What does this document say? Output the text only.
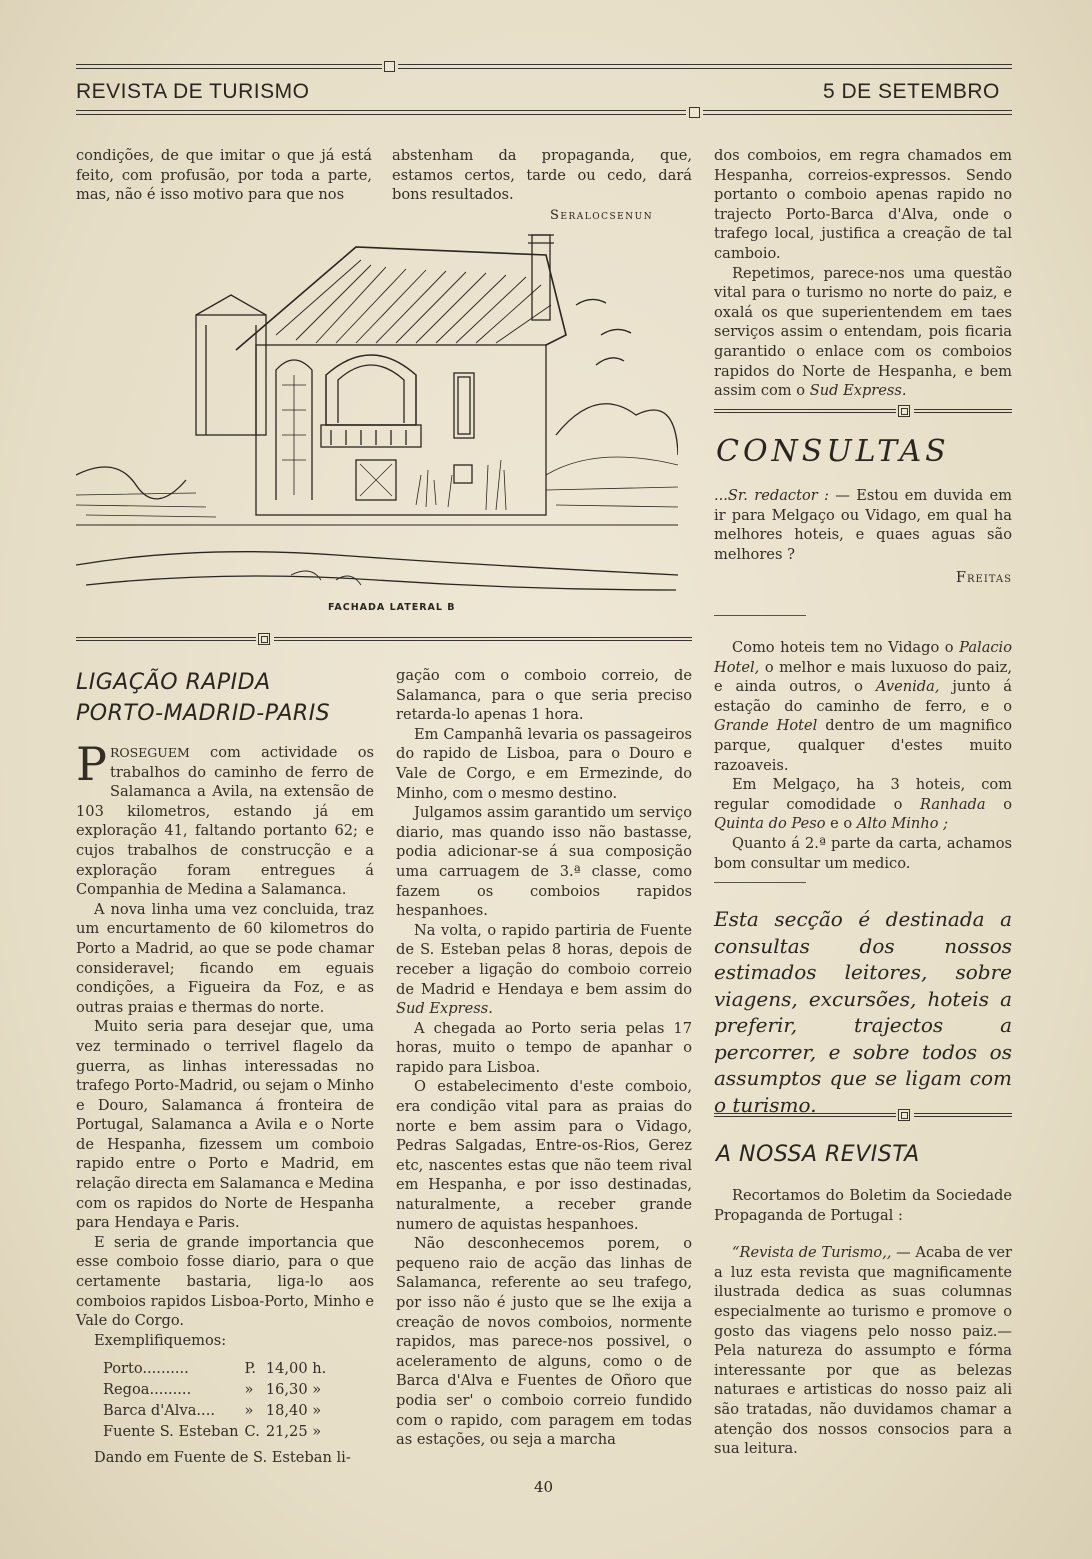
REVISTA DE TURISMO	5 DE SETEMBRO

condições, de que imitar o que já está feito, com profusão, por toda a parte, mas, não é isso motivo para que nos

abstenham da propaganda, que, estamos certos, tarde ou cedo, dará bons resultados.

Seralocsenun
FACHADA LATERAL B

dos comboios, em regra chamados em Hespanha, correios-expressos. Sendo portanto o comboio apenas rapido no trajecto Porto-Barca d'Alva, onde o trafego local, justifica a creação de tal camboio.

Repetimos, parece-nos uma questão vital para o turismo no norte do paiz, e oxalá os que superientendem em taes serviços assim o entendam, pois ficaria garantido o enlace com os comboios rapidos do Norte de Hespanha, e bem assim com o Sud Express.

CONSULTAS

...Sr. redactor : — Estou em duvida em ir para Melgaço ou Vidago, em qual ha melhores hoteis, e quaes aguas são melhores ?

Freitas

Como hoteis tem no Vidago o Palacio Hotel, o melhor e mais luxuoso do paiz, e ainda outros, o Avenida, junto á estação do caminho de ferro, e o Grande Hotel dentro de um magnifico parque, qualquer d'estes muito razoaveis.

Em Melgaço, ha 3 hoteis, com regular comodidade o Ranhada o Quinta do Peso e o Alto Minho ;

Quanto á 2.ª parte da carta, achamos bom consultar um medico.

Esta secção é destinada a consultas dos nossos estimados leitores, sobre viagens, excursões, hoteis a preferir, trajectos a percorrer, e sobre todos os assumptos que se ligam com o turismo.
A NOSSA REVISTA

Recortamos do Boletim da Sociedade Propaganda de Portugal :

“Revista de Turismo,, — Acaba de ver a luz esta revista que magnificamente ilustrada dedica as suas columnas especialmente ao turismo e promove o gosto das viagens pelo nosso paiz.—Pela natureza do assumpto e fórma interessante por que as belezas naturaes e artisticas do nosso paiz ali são tratadas, não duvidamos chamar a atenção dos nossos consocios para a sua leitura.

LIGAÇÃO RAPIDA
PORTO-MADRID-PARIS

PROSEGUEM com actividade os trabalhos do caminho de ferro de Salamanca a Avila, na extensão de 103 kilometros, estando já em exploração 41, faltando portanto 62; e cujos trabalhos de construcção e a exploração foram entregues á Companhia de Medina a Salamanca.

A nova linha uma vez concluida, traz um encurtamento de 60 kilometros do Porto a Madrid, ao que se pode chamar consideravel; ficando em eguais condições, a Figueira da Foz, e as outras praias e thermas do norte.

Muito seria para desejar que, uma vez terminado o terrivel flagelo da guerra, as linhas interessadas no trafego Porto-Madrid, ou sejam o Minho e Douro, Salamanca á fronteira de Portugal, Salamanca a Avila e o Norte de Hespanha, fizessem um comboio rapido entre o Porto e Madrid, em relação directa em Salamanca e Medina com os rapidos do Norte de Hespanha para Hendaya e Paris.

E seria de grande importancia que esse comboio fosse diario, para o que certamente bastaria, liga-lo aos comboios rapidos Lisboa-Porto, Minho e Vale do Corgo.

Exemplifiquemos:

Porto..........	P.	14,00 h.
Regoa.........	»	16,30 »
Barca d'Alva....	»	18,40 »
Fuente S. Esteban	C.	21,25 »

Dando em Fuente de S. Esteban li-

gação com o comboio correio, de Salamanca, para o que seria preciso retarda-lo apenas 1 hora.

Em Campanhã levaria os passageiros do rapido de Lisboa, para o Douro e Vale de Corgo, e em Ermezinde, do Minho, com o mesmo destino.

Julgamos assim garantido um serviço diario, mas quando isso não bastasse, podia adicionar-se á sua composição uma carruagem de 3.ª classe, como fazem os comboios rapidos hespanhoes.

Na volta, o rapido partiria de Fuente de S. Esteban pelas 8 horas, depois de receber a ligação do comboio correio de Madrid e Hendaya e bem assim do Sud Express.

A chegada ao Porto seria pelas 17 horas, muito o tempo de apanhar o rapido para Lisboa.

O estabelecimento d'este comboio, era condição vital para as praias do norte e bem assim para o Vidago, Pedras Salgadas, Entre-os-Rios, Gerez etc, nascentes estas que não teem rival em Hespanha, e por isso destinadas, naturalmente, a receber grande numero de aquistas hespanhoes.

Não desconhecemos porem, o pequeno raio de acção das linhas de Salamanca, referente ao seu trafego, por isso não é justo que se lhe exija a creação de novos comboios, normente rapidos, mas parece-nos possivel, o aceleramento de alguns, como o de Barca d'Alva e Fuentes de Oñoro que podia ser' o comboio correio fundido com o rapido, com paragem em todas as estações, ou seja a marcha

40
